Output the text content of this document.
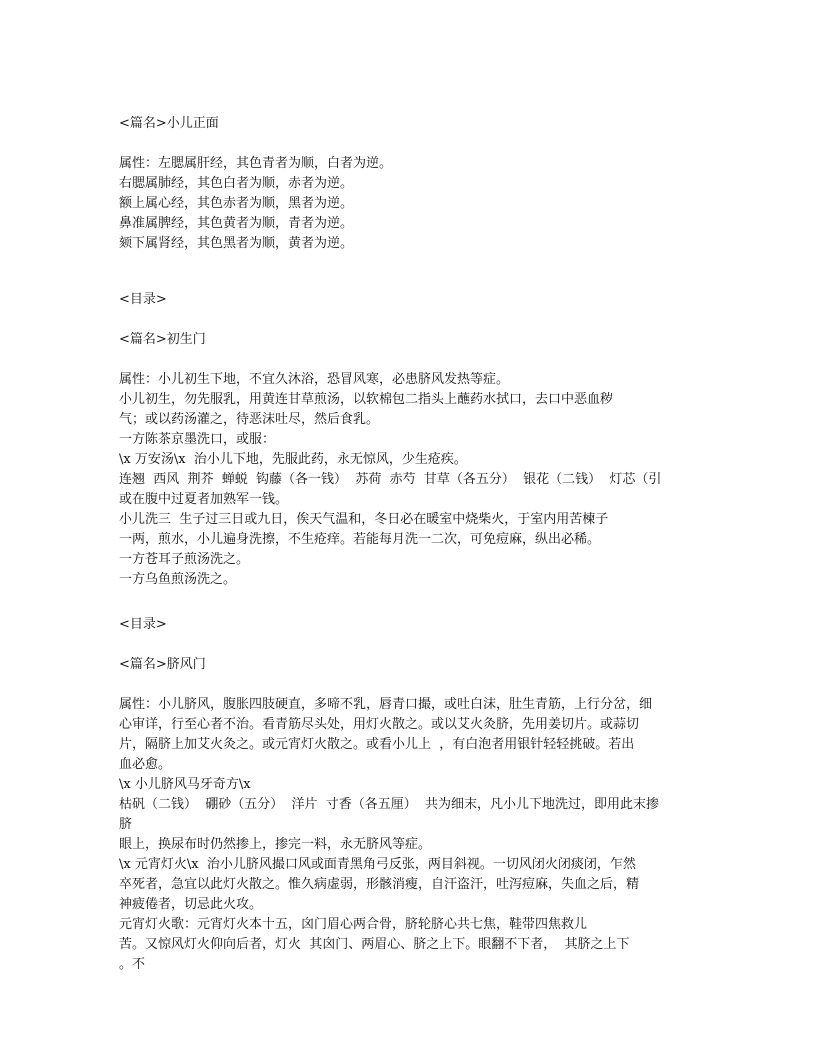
<篇名>小儿正面
属性：左腮属肝经，其色青者为顺，白者为逆。
右腮属肺经，其色白者为顺，赤者为逆。
额上属心经，其色赤者为顺，黑者为逆。
鼻准属脾经，其色黄者为顺，青者为逆。
颏下属肾经，其色黑者为顺，黄者为逆。
<目录>
<篇名>初生门
属性：小儿初生下地，不宜久沐浴，恐冒风寒，必患脐风发热等症。
小儿初生，勿先服乳，用黄连甘草煎汤，以软棉包二指头上蘸药水拭口，去口中恶血秽
气；或以药汤灌之，待恶沫吐尽，然后食乳。
一方陈茶京墨洗口，或服：
\x 万安汤\x  治小儿下地，先服此药，永无惊风，少生疮疾。
连翘  西风  荆芥  蝉蜕  钩藤（各一钱）  苏荷  赤芍  甘草（各五分）  银花（二钱）  灯芯（引
或在腹中过夏者加熟军一钱。
小儿洗三  生子过三日或九日，俟天气温和，冬日必在暖室中烧柴火，于室内用苦楝子
一两，煎水，小儿遍身洗擦，不生疮痒。若能每月洗一二次，可免痘麻，纵出必稀。
一方苍耳子煎汤洗之。
一方乌鱼煎汤洗之。
<目录>
<篇名>脐风门
属性：小儿脐风，腹胀四肢硬直，多啼不乳，唇青口撮，或吐白沫，肚生青筋，上行分岔，细
心审详，行至心者不治。看青筋尽头处，用灯火散之。或以艾火灸脐，先用姜切片。或蒜切
片，隔脐上加艾火灸之。或元宵灯火散之。或看小儿上  ，有白泡者用银针轻轻挑破。若出
血必愈。
\x 小儿脐风马牙奇方\x
枯矾（二钱）  硼砂（五分）  洋片  寸香（各五厘）  共为细末，凡小儿下地洗过，即用此末掺
脐
眼上，换尿布时仍然掺上，掺完一料，永无脐风等症。
\x 元宵灯火\x  治小儿脐风撮口风或面青黑角弓反张，两目斜视。一切风闭火闭痰闭，乍然
卒死者，急宜以此灯火散之。惟久病虚弱，形骸消瘦，自汗盗汗，吐泻痘麻，失血之后，精
神疲倦者，切忌此火攻。
元宵灯火歌：元宵灯火本十五，囟门眉心两合骨，脐轮脐心共七焦，鞋带四焦救儿
苦。又惊风灯火仰向后者，灯火  其囟门、两眉心、脐之上下。眼翻不下者，  其脐之上下
。不
